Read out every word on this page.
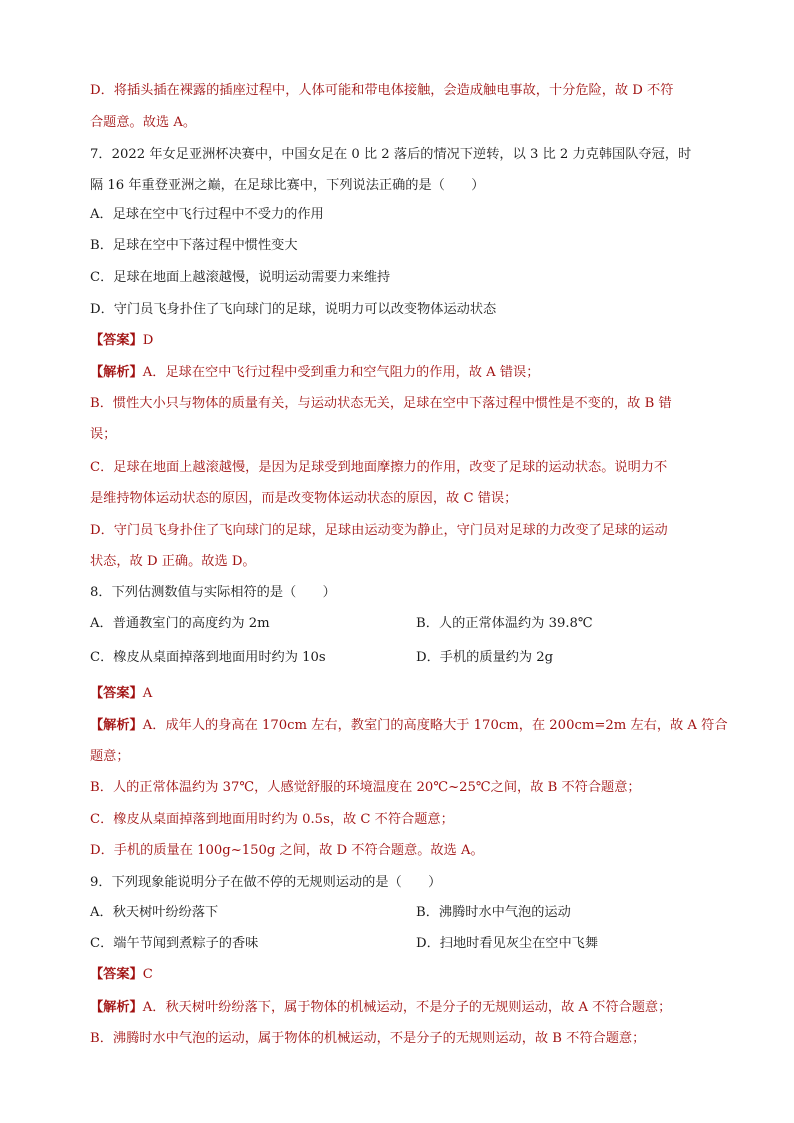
D．将插头插在裸露的插座过程中，人体可能和带电体接触，会造成触电事故，十分危险，故 D 不符
合题意。故选 A。
7．2022 年女足亚洲杯决赛中，中国女足在 0 比 2 落后的情况下逆转，以 3 比 2 力克韩国队夺冠，时
隔 16 年重登亚洲之巅，在足球比赛中，下列说法正确的是（　　）
A．足球在空中飞行过程中不受力的作用
B．足球在空中下落过程中惯性变大
C．足球在地面上越滚越慢，说明运动需要力来维持
D．守门员飞身扑住了飞向球门的足球，说明力可以改变物体运动状态
【答案】D
【解析】A．足球在空中飞行过程中受到重力和空气阻力的作用，故 A 错误；
B．惯性大小只与物体的质量有关，与运动状态无关，足球在空中下落过程中惯性是不变的，故 B 错
误；
C．足球在地面上越滚越慢，是因为足球受到地面摩擦力的作用，改变了足球的运动状态。说明力不
是维持物体运动状态的原因，而是改变物体运动状态的原因，故 C 错误；
D．守门员飞身扑住了飞向球门的足球，足球由运动变为静止，守门员对足球的力改变了足球的运动
状态，故 D 正确。故选 D。
8．下列估测数值与实际相符的是（　　）
A．普通教室门的高度约为 2m	B．人的正常体温约为 39.8℃
C．橡皮从桌面掉落到地面用时约为 10s	D．手机的质量约为 2g
【答案】A
【解析】A．成年人的身高在 170cm 左右，教室门的高度略大于 170cm，在 200cm=2m 左右，故 A 符合
题意；
B．人的正常体温约为 37℃，人感觉舒服的环境温度在 20℃~25℃之间，故 B 不符合题意；
C．橡皮从桌面掉落到地面用时约为 0.5s，故 C 不符合题意；
D．手机的质量在 100g~150g 之间，故 D 不符合题意。故选 A。
9．下列现象能说明分子在做不停的无规则运动的是（　　）
A．秋天树叶纷纷落下	B．沸腾时水中气泡的运动
C．端午节闻到煮粽子的香味	D．扫地时看见灰尘在空中飞舞
【答案】C
【解析】A．秋天树叶纷纷落下，属于物体的机械运动，不是分子的无规则运动，故 A 不符合题意；
B．沸腾时水中气泡的运动，属于物体的机械运动，不是分子的无规则运动，故 B 不符合题意；
